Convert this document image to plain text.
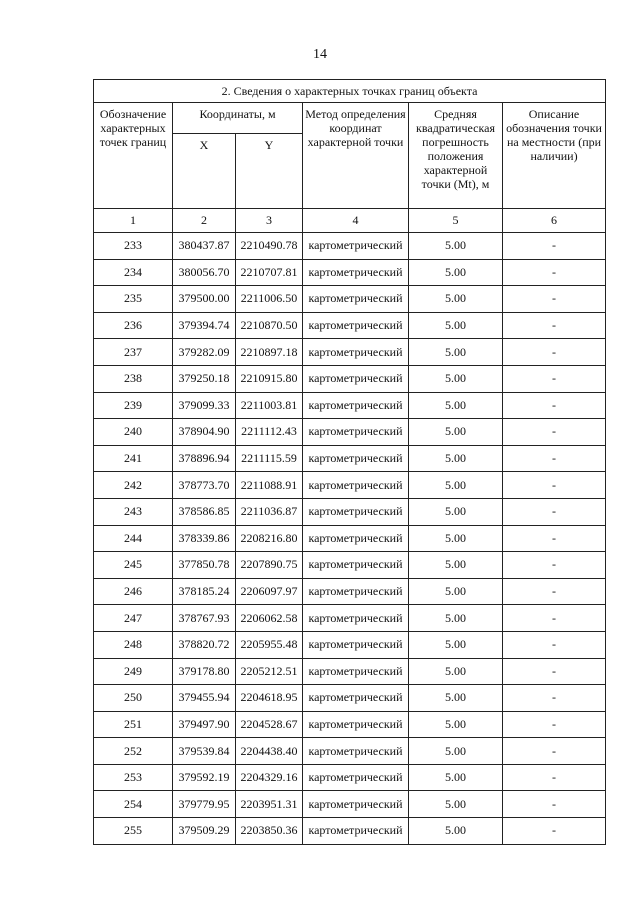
14
2. Сведения о характерных точках границ объекта					
Обозначение характерных точек границ	Координаты, м		Метод определения координат характерной точки	Средняя квадратическая погрешность положения характерной точки (Mt), м	Описание обозначения точки на местности (при наличии)
	X	Y			
1	2	3	4	5	6
233	380437.87	2210490.78	картометрический	5.00	-
234	380056.70	2210707.81	картометрический	5.00	-
235	379500.00	2211006.50	картометрический	5.00	-
236	379394.74	2210870.50	картометрический	5.00	-
237	379282.09	2210897.18	картометрический	5.00	-
238	379250.18	2210915.80	картометрический	5.00	-
239	379099.33	2211003.81	картометрический	5.00	-
240	378904.90	2211112.43	картометрический	5.00	-
241	378896.94	2211115.59	картометрический	5.00	-
242	378773.70	2211088.91	картометрический	5.00	-
243	378586.85	2211036.87	картометрический	5.00	-
244	378339.86	2208216.80	картометрический	5.00	-
245	377850.78	2207890.75	картометрический	5.00	-
246	378185.24	2206097.97	картометрический	5.00	-
247	378767.93	2206062.58	картометрический	5.00	-
248	378820.72	2205955.48	картометрический	5.00	-
249	379178.80	2205212.51	картометрический	5.00	-
250	379455.94	2204618.95	картометрический	5.00	-
251	379497.90	2204528.67	картометрический	5.00	-
252	379539.84	2204438.40	картометрический	5.00	-
253	379592.19	2204329.16	картометрический	5.00	-
254	379779.95	2203951.31	картометрический	5.00	-
255	379509.29	2203850.36	картометрический	5.00	-
